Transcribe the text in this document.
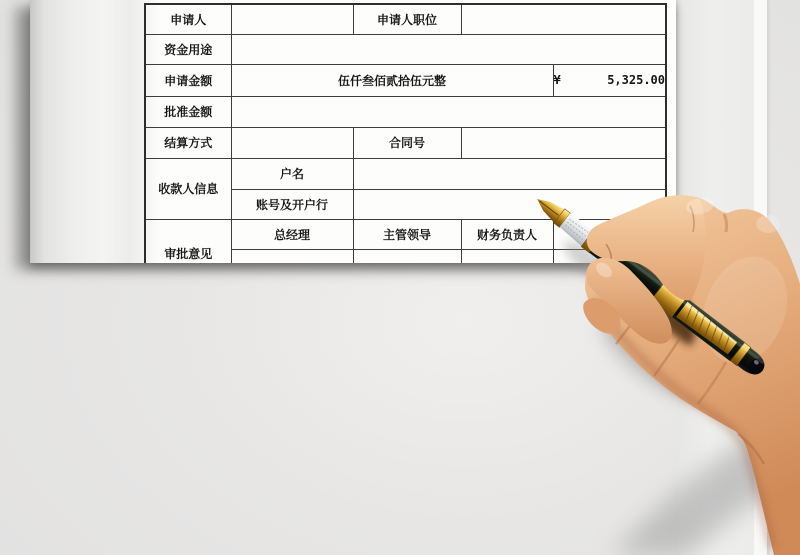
申请人		申请人职位		
资金用途				
申请金额	伍仟叁佰贰拾伍元整			¥ 5,325.00

批准金额				
结算方式		合同号		
收款人信息	户名			
	账号及开户行			
审批意见	总经理	主管领导	财务负责人	
